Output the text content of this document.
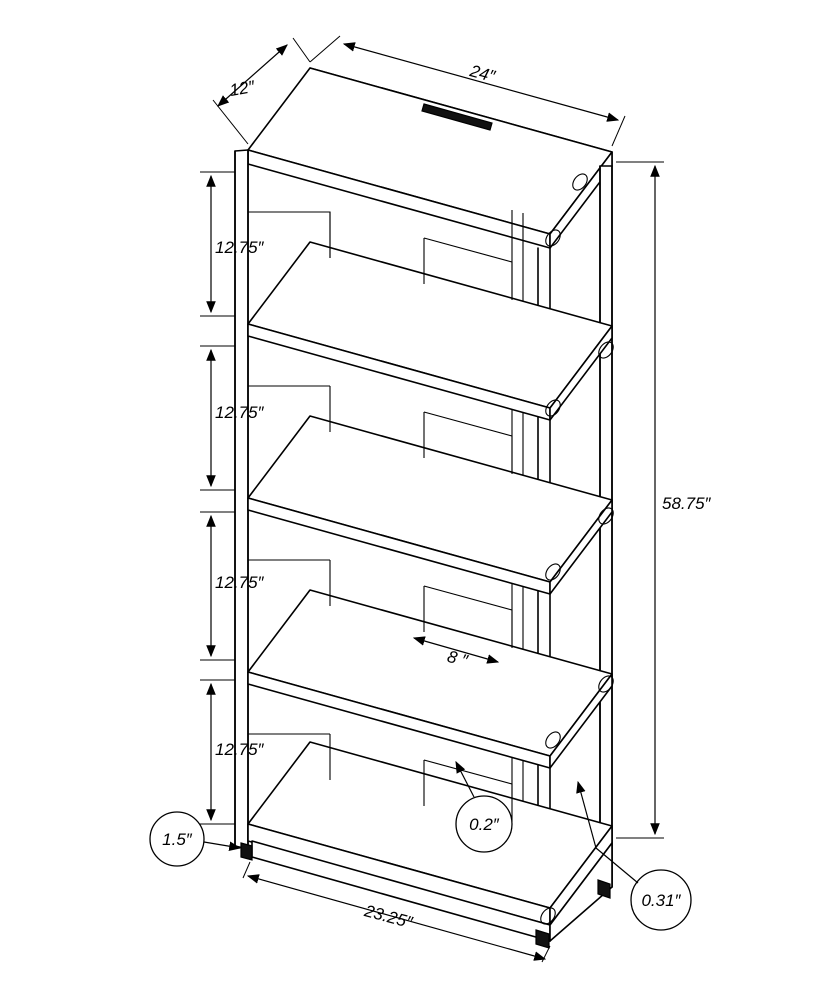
12″
24″
58.75″
12.75″
12.75″
12.75″
12.75″
8 ″
23.25″
1.5″
0.2″
0.31″
